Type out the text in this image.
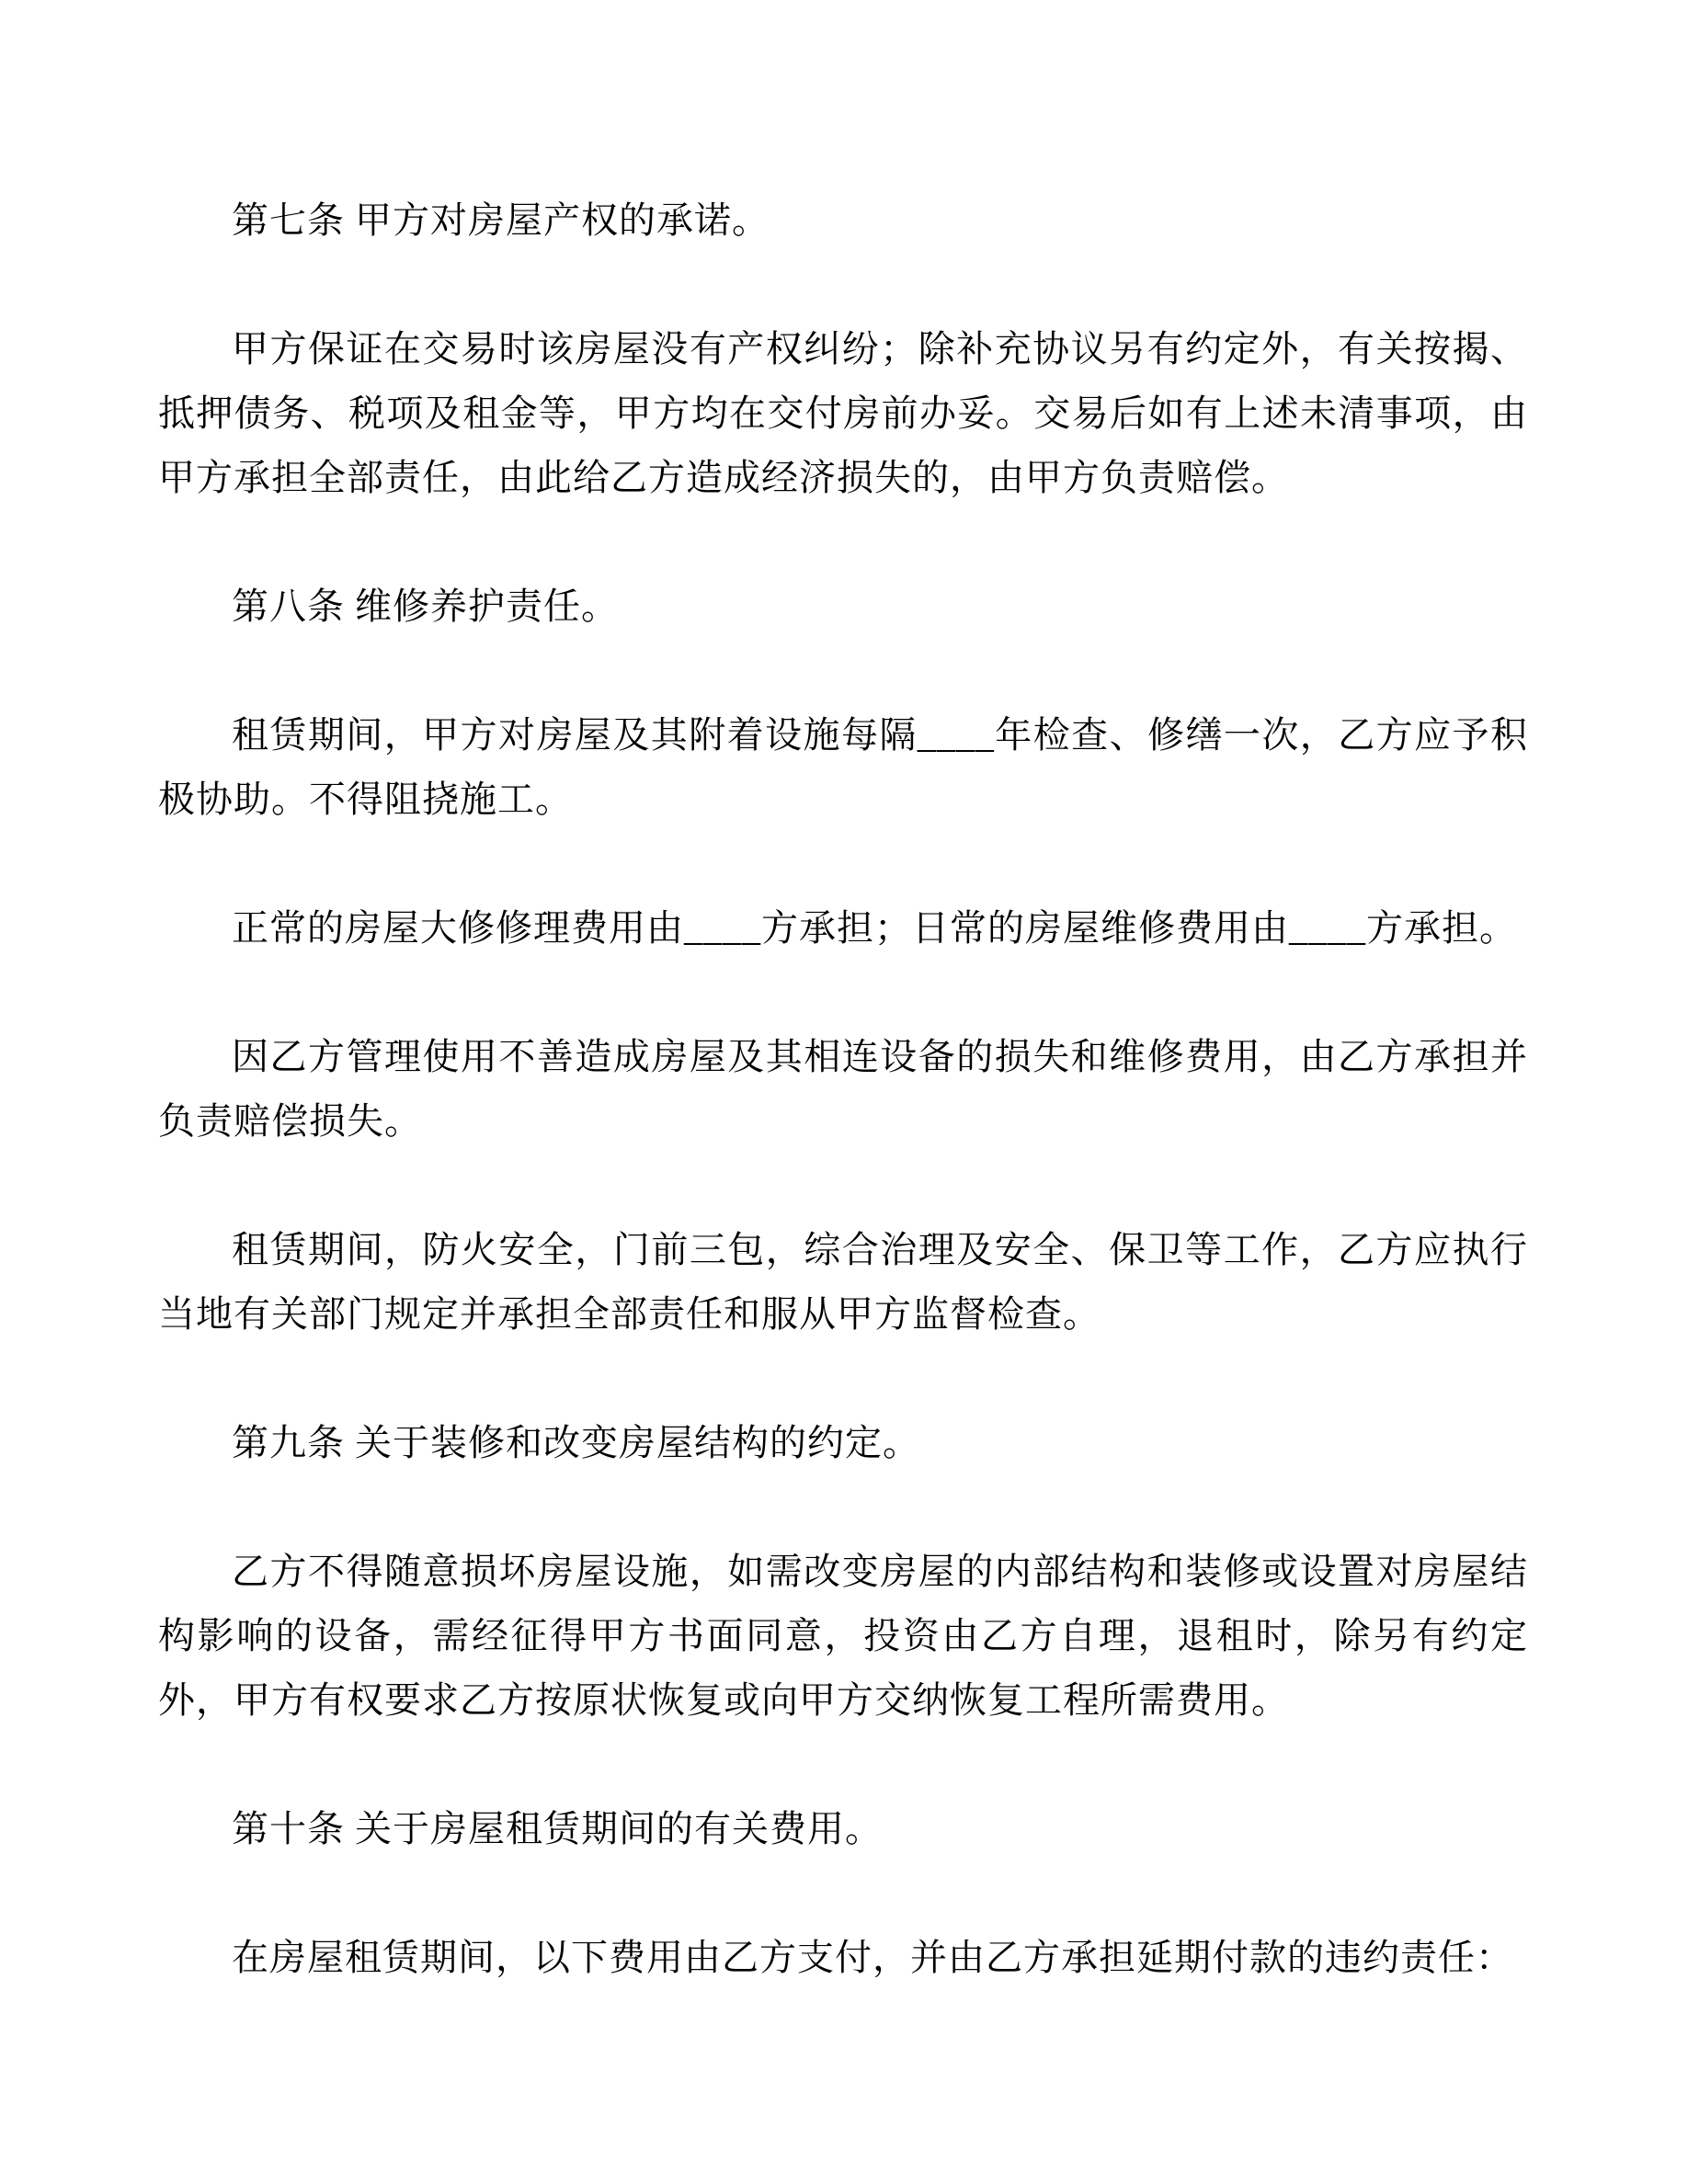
第七条 甲方对房屋产权的承诺。

甲方保证在交易时该房屋没有产权纠纷；除补充协议另有约定外，有关按揭、抵押债务、税项及租金等，甲方均在交付房前办妥。交易后如有上述未清事项，由甲方承担全部责任，由此给乙方造成经济损失的，由甲方负责赔偿。

第八条 维修养护责任。

租赁期间，甲方对房屋及其附着设施每隔____年检查、修缮一次，乙方应予积极协助。不得阻挠施工。

正常的房屋大修修理费用由____方承担；日常的房屋维修费用由____方承担。

因乙方管理使用不善造成房屋及其相连设备的损失和维修费用，由乙方承担并负责赔偿损失。

租赁期间，防火安全，门前三包，综合治理及安全、保卫等工作，乙方应执行当地有关部门规定并承担全部责任和服从甲方监督检查。

第九条 关于装修和改变房屋结构的约定。

乙方不得随意损坏房屋设施，如需改变房屋的内部结构和装修或设置对房屋结构影响的设备，需经征得甲方书面同意，投资由乙方自理，退租时，除另有约定外，甲方有权要求乙方按原状恢复或向甲方交纳恢复工程所需费用。

第十条 关于房屋租赁期间的有关费用。

在房屋租赁期间，以下费用由乙方支付，并由乙方承担延期付款的违约责任：
